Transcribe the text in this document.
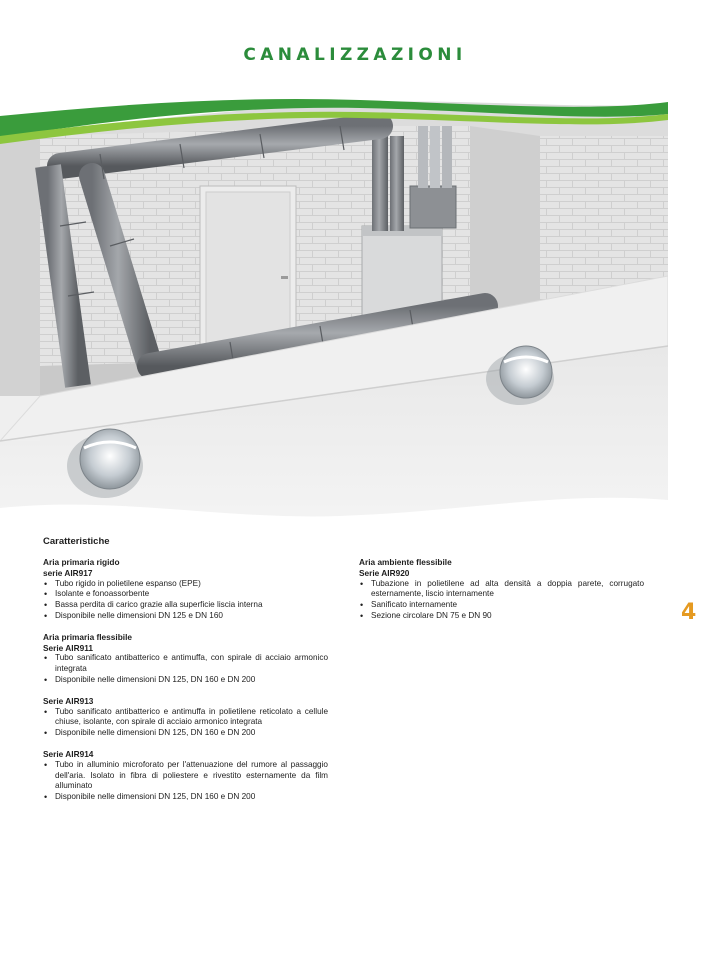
CANALIZZAZIONI
4
Caratteristiche
Aria primaria rigido
serie AIR917
• Tubo rigido in polietilene espanso (EPE)
• Isolante e fonoassorbente
• Bassa perdita di carico grazie alla superficie liscia interna
• Disponibile nelle dimensioni DN 125 e DN 160
Aria primaria flessibile
Serie AIR911
• Tubo sanificato antibatterico e antimuffa, con spirale di acciaio armonico integrata
• Disponibile nelle dimensioni DN 125, DN 160 e DN 200
Serie AIR913
• Tubo sanificato antibatterico e antimuffa in polietilene reticolato a cellule chiuse, isolante, con spirale di acciaio armonico integrata
• Disponibile nelle dimensioni DN 125, DN 160 e DN 200
Serie AIR914
• Tubo in alluminio microforato per l'attenuazione del rumore al passaggio dell'aria. Isolato in fibra di poliestere e rivestito esternamente da film alluminato
• Disponibile nelle dimensioni DN 125, DN 160 e DN 200
Aria ambiente flessibile
Serie AIR920
• Tubazione in polietilene ad alta densità a doppia parete, corrugato esternamente, liscio internamente
• Sanificato internamente
• Sezione circolare DN 75 e DN 90
